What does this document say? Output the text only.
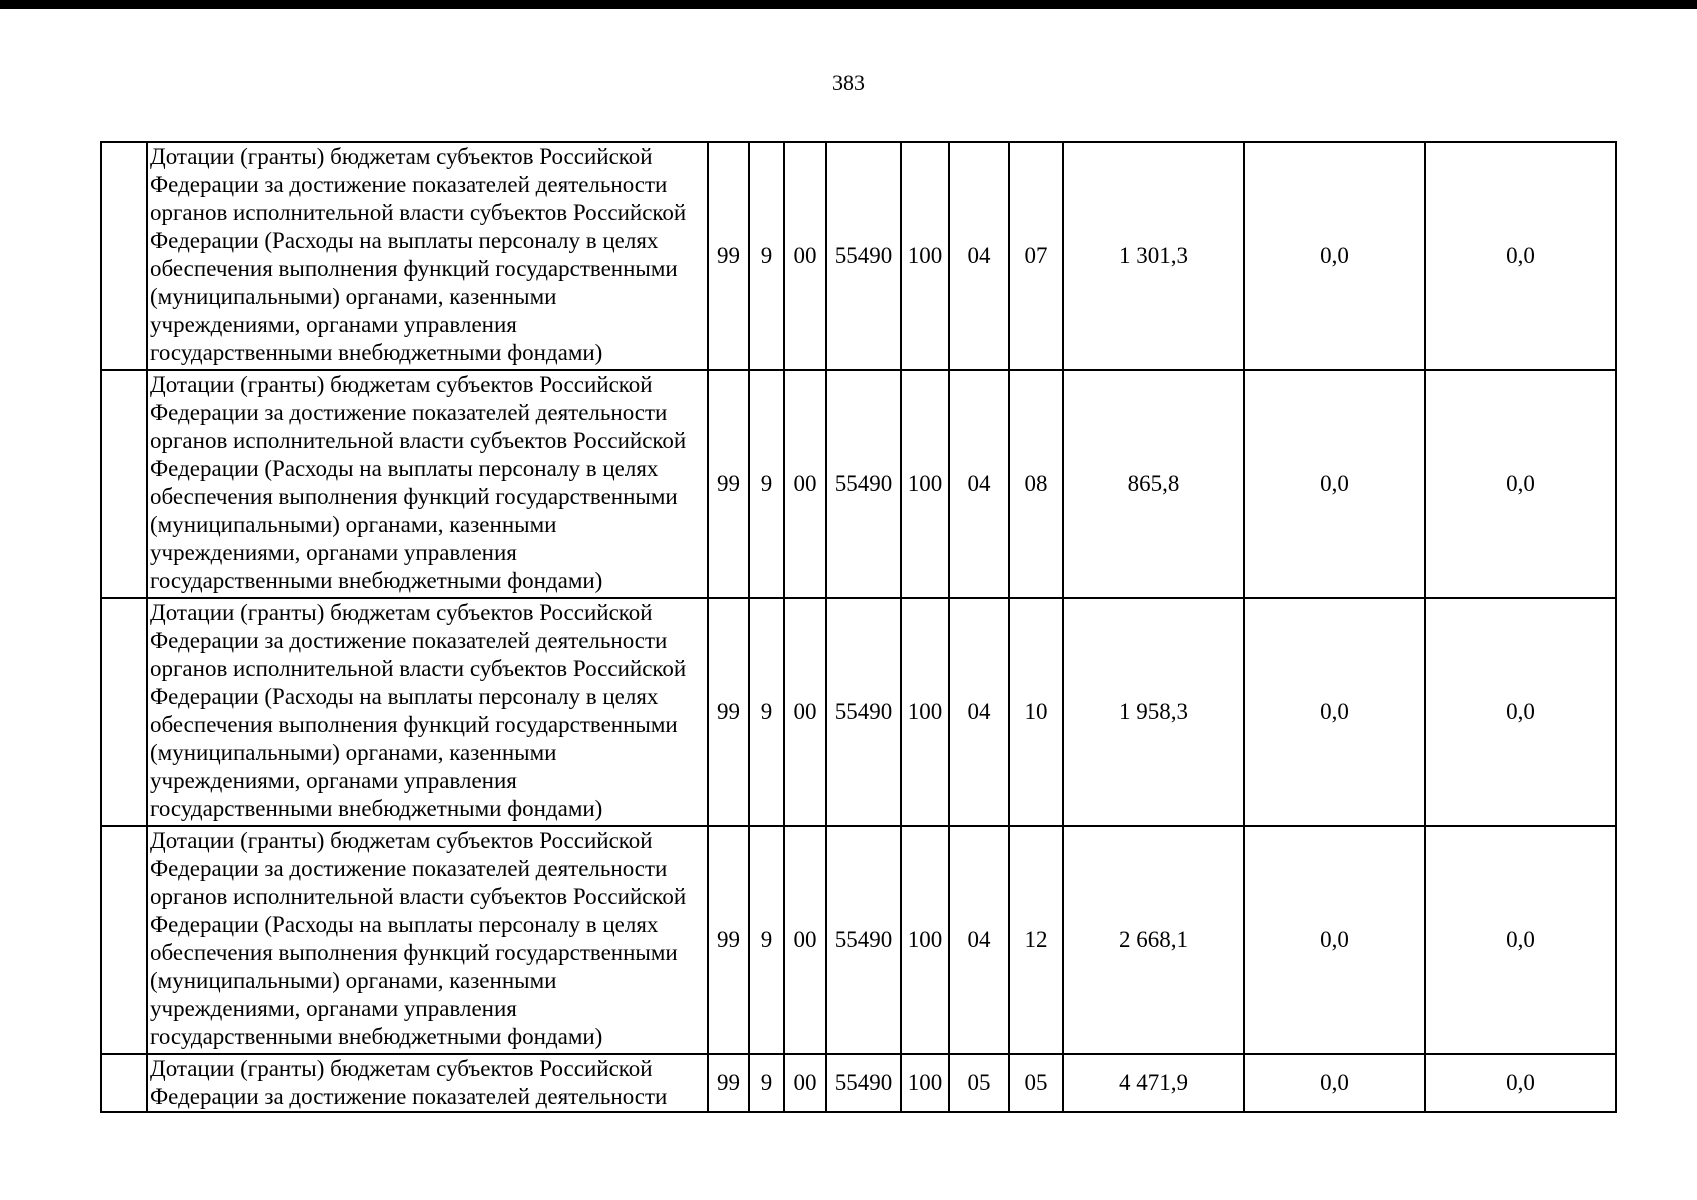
383

	Дотации (гранты) бюджетам субъектов Российской Федерации за достижение показателей деятельности органов исполнительной власти субъектов Российской Федерации (Расходы на выплаты персоналу в целях обеспечения выполнения функций государственными (муниципальными) органами, казенными учреждениями, органами управления государственными внебюджетными фондами)	99	9	00	55490	100	04	07	1 301,3	0,0	0,0

	Дотации (гранты) бюджетам субъектов Российской Федерации за достижение показателей деятельности органов исполнительной власти субъектов Российской Федерации (Расходы на выплаты персоналу в целях обеспечения выполнения функций государственными (муниципальными) органами, казенными учреждениями, органами управления государственными внебюджетными фондами)	99	9	00	55490	100	04	08	865,8	0,0	0,0

	Дотации (гранты) бюджетам субъектов Российской Федерации за достижение показателей деятельности органов исполнительной власти субъектов Российской Федерации (Расходы на выплаты персоналу в целях обеспечения выполнения функций государственными (муниципальными) органами, казенными учреждениями, органами управления государственными внебюджетными фондами)	99	9	00	55490	100	04	10	1 958,3	0,0	0,0

	Дотации (гранты) бюджетам субъектов Российской Федерации за достижение показателей деятельности органов исполнительной власти субъектов Российской Федерации (Расходы на выплаты персоналу в целях обеспечения выполнения функций государственными (муниципальными) органами, казенными учреждениями, органами управления государственными внебюджетными фондами)	99	9	00	55490	100	04	12	2 668,1	0,0	0,0

	Дотации (гранты) бюджетам субъектов Российской Федерации за достижение показателей деятельности	99	9	00	55490	100	05	05	4 471,9	0,0	0,0
